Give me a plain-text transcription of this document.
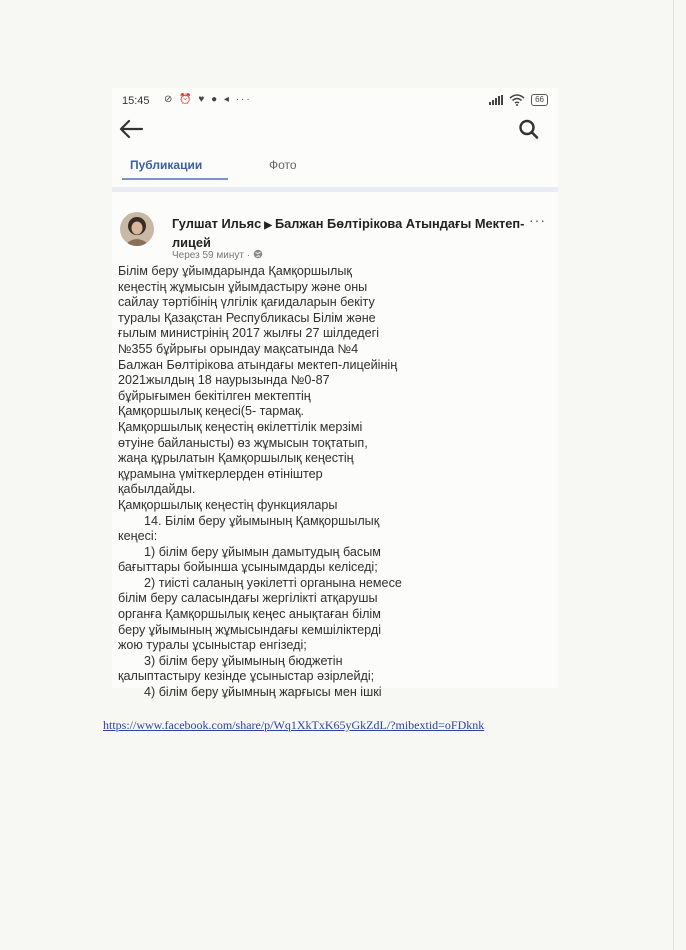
15:45 ⊘ ⏰ ♥ ● ◂ ···	66
Публикации	Фото
Гулшат Ильяс ▶ Балжан Бөлтірікова Атындағы Мектеп-лицей
Через 59 минут ·
···
Білім беру ұйымдарында Қамқоршылық
кеңестің жұмысын ұйымдастыру және оны
сайлау тәртібінің үлгілік қағидаларын бекіту
туралы Қазақстан Республикасы Білім және
ғылым министрінің 2017 жылғы 27 шілдедегі
№355 бұйрығы орындау мақсатында №4
Балжан Бөлтірікова атындағы мектеп-лицейінің
2021жылдың 18 наурызында №0-87
бұйрығымен бекітілген мектептің
Қамқоршылық кеңесі(5- тармақ.
Қамқоршылық кеңестің өкілеттілік мерзімі
өтуіне байланысты) өз жұмысын тоқтатып,
жаңа құрылатын Қамқоршылық кеңестің
құрамына үміткерлерден өтініштер
қабылдайды.
Қамқоршылық кеңестің функциялары
14. Білім беру ұйымының Қамқоршылық
кеңесі:
1) білім беру ұйымын дамытудың басым
бағыттары бойынша ұсынымдарды келіседі;
2) тиісті саланың уәкілетті органына немесе
білім беру саласындағы жергілікті атқарушы
органға Қамқоршылық кеңес анықтаған білім
беру ұйымының жұмысындағы кемшіліктерді
жою туралы ұсыныстар енгізеді;
3) білім беру ұйымының бюджетін
қалыптастыру кезінде ұсыныстар әзірлейді;
4) білім беру ұйымның жарғысы мен ішкі
https://www.facebook.com/share/p/Wq1XkTxK65yGkZdL/?mibextid=oFDknk
